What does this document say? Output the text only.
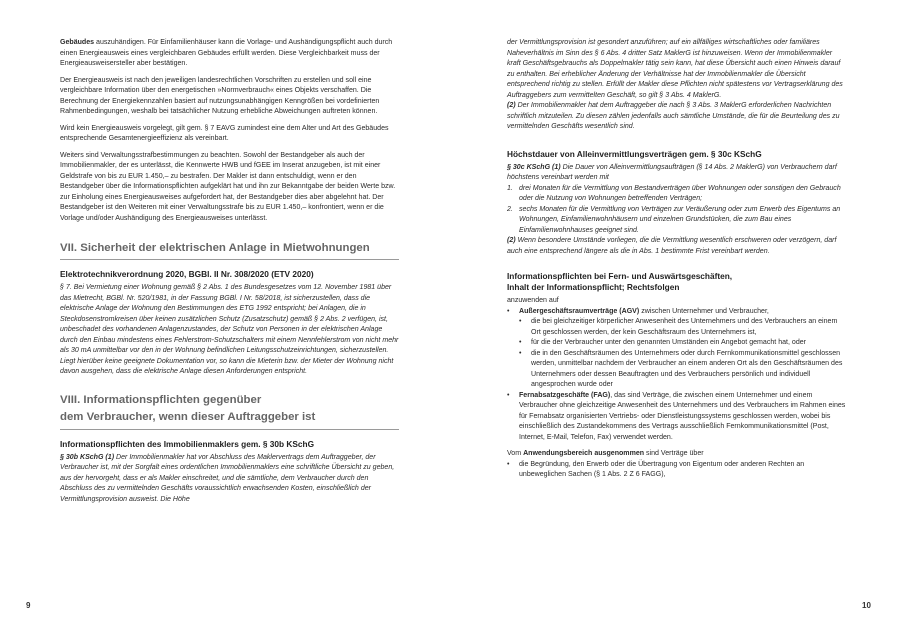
Gebäudes auszuhändigen. Für Einfamilienhäuser kann die Vorlage- und Aushändigungspflicht auch durch einen Energieausweis eines vergleichbaren Gebäudes erfüllt werden. Diese Vergleichbarkeit muss der Energieausweisersteller aber bestätigen.

Der Energieausweis ist nach den jeweiligen landesrechtlichen Vorschriften zu erstellen und soll eine vergleichbare Information über den energetischen »Normverbrauch« eines Objekts verschaffen. Die Berechnung der Energiekennzahlen basiert auf nutzungsunabhängigen Kenngrößen bei vordefinierten Rahmenbedingungen, weshalb bei tatsächlicher Nutzung erhebliche Abweichungen auftreten können.

Wird kein Energieausweis vorgelegt, gilt gem. § 7 EAVG zumindest eine dem Alter und Art des Gebäudes entsprechende Gesamtenergieeffizienz als vereinbart.

Weiters sind Verwaltungsstrafbestimmungen zu beachten. Sowohl der Bestandgeber als auch der Immobilienmakler, der es unterlässt, die Kennwerte HWB und fGEE im Inserat anzugeben, ist mit einer Geldstrafe von bis zu EUR 1.450,– zu bestrafen. Der Makler ist dann entschuldigt, wenn er den Bestandgeber über die Informationspflichten aufgeklärt hat und ihn zur Bekanntgabe der beiden Werte bzw. zur Einholung eines Energieausweises aufgefordert hat, der Bestandgeber dies aber abgelehnt hat. Der Bestandgeber ist den Weiteren mit einer Verwaltungsstrafe bis zu EUR 1.450,– konfrontiert, wenn er die Vorlage und/oder Aushändigung des Energieausweises unterlässt.

VII. Sicherheit der elektrischen Anlage in Mietwohnungen
Elektrotechnikverordnung 2020, BGBl. II Nr. 308/2020 (ETV 2020)

§ 7. Bei Vermietung einer Wohnung gemäß § 2 Abs. 1 des Bundesgesetzes vom 12. November 1981 über das Mietrecht, BGBl. Nr. 520/1981, in der Fassung BGBl. I Nr. 58/2018, ist sicherzustellen, dass die elektrische Anlage der Wohnung den Bestimmungen des ETG 1992 entspricht; bei Anlagen, die in Steckdosenstromkreisen über keinen zusätzlichen Schutz (Zusatzschutz) gemäß § 2 Abs. 2 verfügen, ist, unbeschadet des vorhandenen Anlagenzustandes, der Schutz von Personen in der elektrischen Anlage durch den Einbau mindestens eines Fehlerstrom-Schutzschalters mit einem Nennfehlerstrom von nicht mehr als 30 mA unmittelbar vor den in der Wohnung befindlichen Leitungsschutzeinrichtungen, sicherzustellen. Liegt hierüber keine geeignete Dokumentation vor, so kann die Mieterin bzw. der Mieter der Wohnung nicht davon ausgehen, dass die elektrische Anlage diesen Anforderungen entspricht.

VIII. Informationspflichten gegenüber
dem Verbraucher, wenn dieser Auftraggeber ist
Informationspflichten des Immobilienmaklers gem. § 30b KSchG

§ 30b KSchG (1) Der Immobilienmakler hat vor Abschluss des Maklervertrags dem Auftraggeber, der Verbraucher ist, mit der Sorgfalt eines ordentlichen Immobilienmaklers eine schriftliche Übersicht zu geben, aus der hervorgeht, dass er als Makler einschreitet, und die sämtliche, dem Verbraucher durch den Abschluss des zu vermittelnden Geschäfts voraussichtlich erwachsenden Kosten, einschließlich der Vermittlungsprovision ausweist. Die Höhe

9

der Vermittlungsprovision ist gesondert anzuführen; auf ein allfälliges wirtschaftliches oder familiäres Naheverhältnis im Sinn des § 6 Abs. 4 dritter Satz MaklerG ist hinzuweisen. Wenn der Immobilienmakler kraft Geschäftsgebrauchs als Doppelmakler tätig sein kann, hat diese Übersicht auch einen Hinweis darauf zu enthalten. Bei erheblicher Änderung der Verhältnisse hat der Immobilienmakler die Übersicht entsprechend richtig zu stellen. Erfüllt der Makler diese Pflichten nicht spätestens vor Vertragserklärung des Auftraggebers zum vermittelten Geschäft, so gilt § 3 Abs. 4 MaklerG.

(2) Der Immobilienmakler hat dem Auftraggeber die nach § 3 Abs. 3 MaklerG erforderlichen Nachrichten schriftlich mitzuteilen. Zu diesen zählen jedenfalls auch sämtliche Umstände, die für die Beurteilung des zu vermittelnden Geschäfts wesentlich sind.

Höchstdauer von Alleinvermittlungsverträgen gem. § 30c KSchG

§ 30c KSchG (1) Die Dauer von Alleinvermittlungsaufträgen (§ 14 Abs. 2 MaklerG) von Verbrauchern darf höchstens vereinbart werden mit

1. drei Monaten für die Vermittlung von Bestandverträgen über Wohnungen oder sonstigen den Gebrauch oder die Nutzung von Wohnungen betreffenden Verträgen;
2. sechs Monaten für die Vermittlung von Verträgen zur Veräußerung oder zum Erwerb des Eigentums an Wohnungen, Einfamilienwohnhäusern und einzelnen Grundstücken, die zum Bau eines Einfamilienwohnhauses geeignet sind.

(2) Wenn besondere Umstände vorliegen, die die Vermittlung wesentlich erschweren oder verzögern, darf auch eine entsprechend längere als die in Abs. 1 bestimmte Frist vereinbart werden.

Informationspflichten bei Fern- und Auswärtsgeschäften,
Inhalt der Informationspflicht; Rechtsfolgen

anzuwenden auf

•
Außergeschäftsraumverträge (AGV) zwischen Unternehmer und Verbraucher,
•
die bei gleichzeitiger körperlicher Anwesenheit des Unternehmers und des Verbrauchers an einem Ort geschlossen werden, der kein Geschäftsraum des Unternehmers ist,
•
für die der Verbraucher unter den genannten Umständen ein Angebot gemacht hat, oder
•
die in den Geschäftsräumen des Unternehmers oder durch Fernkommunikationsmittel geschlossen werden, unmittelbar nachdem der Verbraucher an einem anderen Ort als den Geschäftsräumen des Unternehmers oder dessen Beauftragten und des Verbrauchers persönlich und individuell angesprochen wurde oder
•
Fernabsatzgeschäfte (FAG), das sind Verträge, die zwischen einem Unternehmer und einem Verbraucher ohne gleichzeitige Anwesenheit des Unternehmers und des Verbrauchers im Rahmen eines für Fernabsatz organisierten Vertriebs- oder Dienstleistungssystems geschlossen werden, wobei bis einschließlich des Zustandekommens des Vertrags ausschließlich Fernkommunikationsmittel (Post, Internet, E-Mail, Telefon, Fax) verwendet werden.

Vom Anwendungsbereich ausgenommen sind Verträge über

•
die Begründung, den Erwerb oder die Übertragung von Eigentum oder anderen Rechten an unbeweglichen Sachen (§ 1 Abs. 2 Z 6 FAGG),
10
